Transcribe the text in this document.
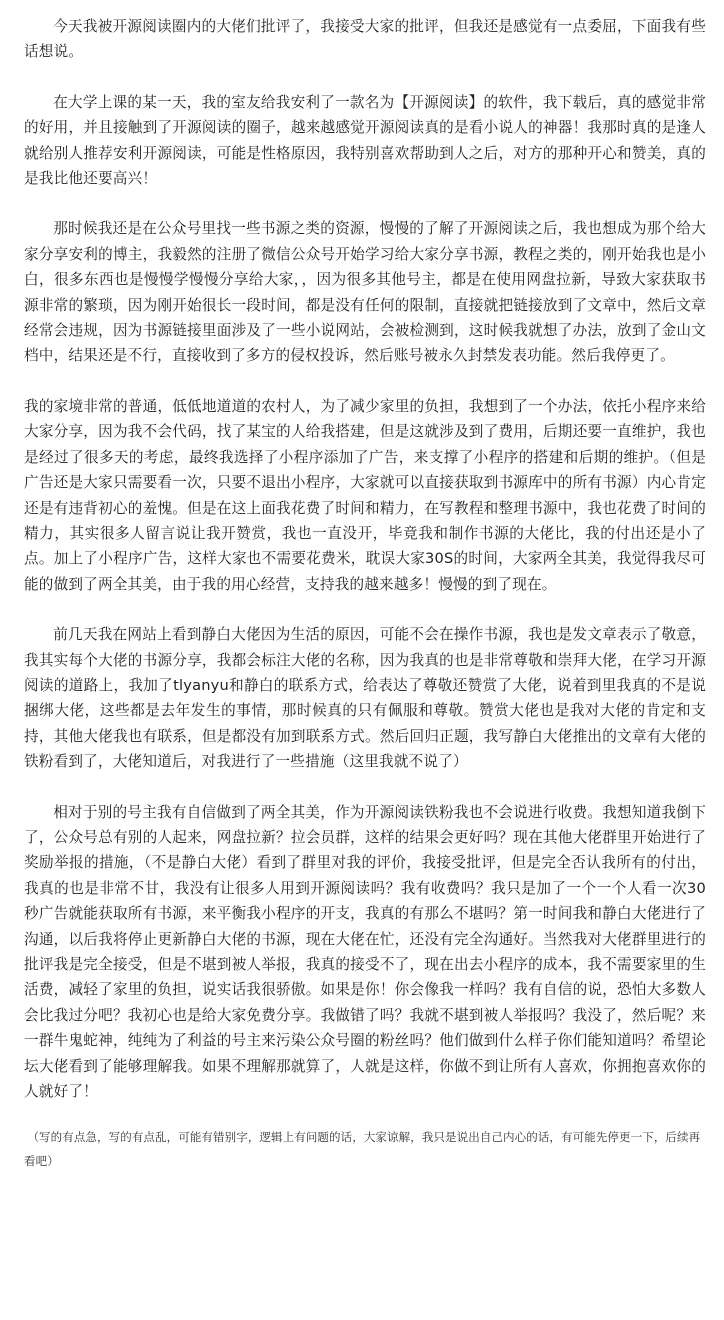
今天我被开源阅读圈内的大佬们批评了，我接受大家的批评，但我还是感觉有一点委屈，下面我有些话想说。

在大学上课的某一天，我的室友给我安利了一款名为【开源阅读】的软件，我下载后，真的感觉非常的好用，并且接触到了开源阅读的圈子，越来越感觉开源阅读真的是看小说人的神器！我那时真的是逢人就给别人推荐安利开源阅读，可能是性格原因，我特别喜欢帮助到人之后，对方的那种开心和赞美，真的是我比他还要高兴！

那时候我还是在公众号里找一些书源之类的资源，慢慢的了解了开源阅读之后，我也想成为那个给大家分享安利的博主，我毅然的注册了微信公众号开始学习给大家分享书源，教程之类的，刚开始我也是小白，很多东西也是慢慢学慢慢分享给大家，，因为很多其他号主，都是在使用网盘拉新，导致大家获取书源非常的繁琐，因为刚开始很长一段时间，都是没有任何的限制，直接就把链接放到了文章中，然后文章经常会违规，因为书源链接里面涉及了一些小说网站，会被检测到，这时候我就想了办法，放到了金山文档中，结果还是不行，直接收到了多方的侵权投诉，然后账号被永久封禁发表功能。然后我停更了。

我的家境非常的普通，低低地道道的农村人，为了减少家里的负担，我想到了一个办法，依托小程序来给大家分享，因为我不会代码，找了某宝的人给我搭建，但是这就涉及到了费用，后期还要一直维护，我也是经过了很多天的考虑，最终我选择了小程序添加了广告，来支撑了小程序的搭建和后期的维护。（但是广告还是大家只需要看一次，只要不退出小程序，大家就可以直接获取到书源库中的所有书源）内心肯定还是有违背初心的羞愧。但是在这上面我花费了时间和精力，在写教程和整理书源中，我也花费了时间的精力，其实很多人留言说让我开赞赏，我也一直没开，毕竟我和制作书源的大佬比，我的付出还是小了点。加上了小程序广告，这样大家也不需要花费米，耽误大家30S的时间，大家两全其美，我觉得我尽可能的做到了两全其美，由于我的用心经营，支持我的越来越多！慢慢的到了现在。

前几天我在网站上看到静白大佬因为生活的原因，可能不会在操作书源，我也是发文章表示了敬意，我其实每个大佬的书源分享，我都会标注大佬的名称，因为我真的也是非常尊敬和崇拜大佬，在学习开源阅读的道路上，我加了tlyanyu和静白的联系方式，给表达了尊敬还赞赏了大佬，说着到里我真的不是说捆绑大佬，这些都是去年发生的事情，那时候真的只有佩服和尊敬。赞赏大佬也是我对大佬的肯定和支持，其他大佬我也有联系，但是都没有加到联系方式。然后回归正题，我写静白大佬推出的文章有大佬的铁粉看到了，大佬知道后，对我进行了一些措施（这里我就不说了）

相对于别的号主我有自信做到了两全其美，作为开源阅读铁粉我也不会说进行收费。我想知道我倒下了，公众号总有别的人起来，网盘拉新？拉会员群，这样的结果会更好吗？现在其他大佬群里开始进行了奖励举报的措施，（不是静白大佬）看到了群里对我的评价，我接受批评，但是完全否认我所有的付出，我真的也是非常不甘，我没有让很多人用到开源阅读吗？我有收费吗？我只是加了一个一个人看一次30秒广告就能获取所有书源，来平衡我小程序的开支，我真的有那么不堪吗？第一时间我和静白大佬进行了沟通，以后我将停止更新静白大佬的书源，现在大佬在忙，还没有完全沟通好。当然我对大佬群里进行的批评我是完全接受，但是不堪到被人举报，我真的接受不了，现在出去小程序的成本，我不需要家里的生活费，减轻了家里的负担，说实话我很骄傲。如果是你！你会像我一样吗？我有自信的说，恐怕大多数人会比我过分吧？我初心也是给大家免费分享。我做错了吗？我就不堪到被人举报吗？我没了，然后呢？来一群牛鬼蛇神，纯纯为了利益的号主来污染公众号圈的粉丝吗？他们做到什么样子你们能知道吗？希望论坛大佬看到了能够理解我。如果不理解那就算了，人就是这样，你做不到让所有人喜欢，你拥抱喜欢你的人就好了！

（写的有点急，写的有点乱，可能有错别字，逻辑上有问题的话，大家谅解，我只是说出自己内心的话，有可能先停更一下，后续再看吧）
